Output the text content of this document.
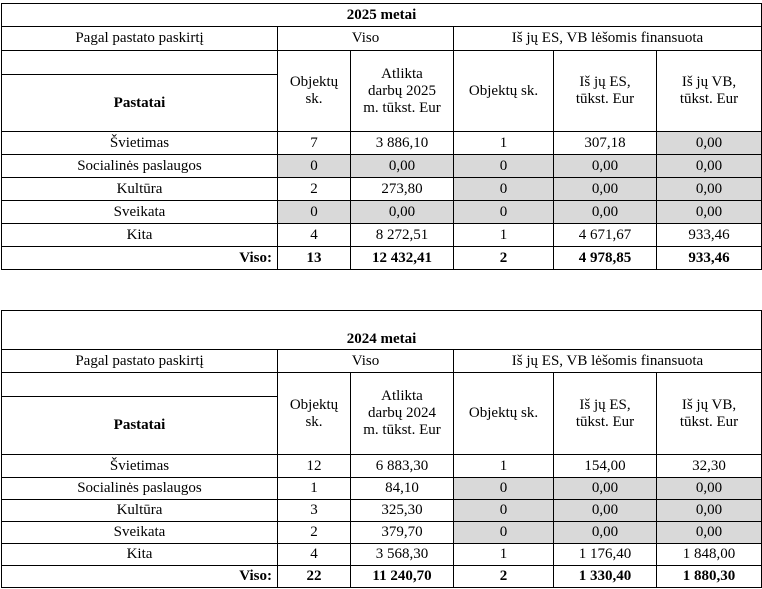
2025 metai					
Pagal pastato paskirtį	Viso		Iš jų ES, VB lėšomis finansuota		
	Objektų sk.	Atlikta darbų 2025 m. tūkst. Eur	Objektų sk.	Iš jų ES, tūkst. Eur	Iš jų VB, tūkst. Eur
Pastatai					
Švietimas	7	3 886,10	1	307,18	0,00
Socialinės paslaugos	0	0,00	0	0,00	0,00
Kultūra	2	273,80	0	0,00	0,00
Sveikata	0	0,00	0	0,00	0,00
Kita	4	8 272,51	1	4 671,67	933,46
Viso:	13	12 432,41	2	4 978,85	933,46
2024 metai					
Pagal pastato paskirtį	Viso		Iš jų ES, VB lėšomis finansuota		
	Objektų sk.	Atlikta darbų 2024 m. tūkst. Eur	Objektų sk.	Iš jų ES, tūkst. Eur	Iš jų VB, tūkst. Eur
Pastatai					
Švietimas	12	6 883,30	1	154,00	32,30
Socialinės paslaugos	1	84,10	0	0,00	0,00
Kultūra	3	325,30	0	0,00	0,00
Sveikata	2	379,70	0	0,00	0,00
Kita	4	3 568,30	1	1 176,40	1 848,00
Viso:	22	11 240,70	2	1 330,40	1 880,30
